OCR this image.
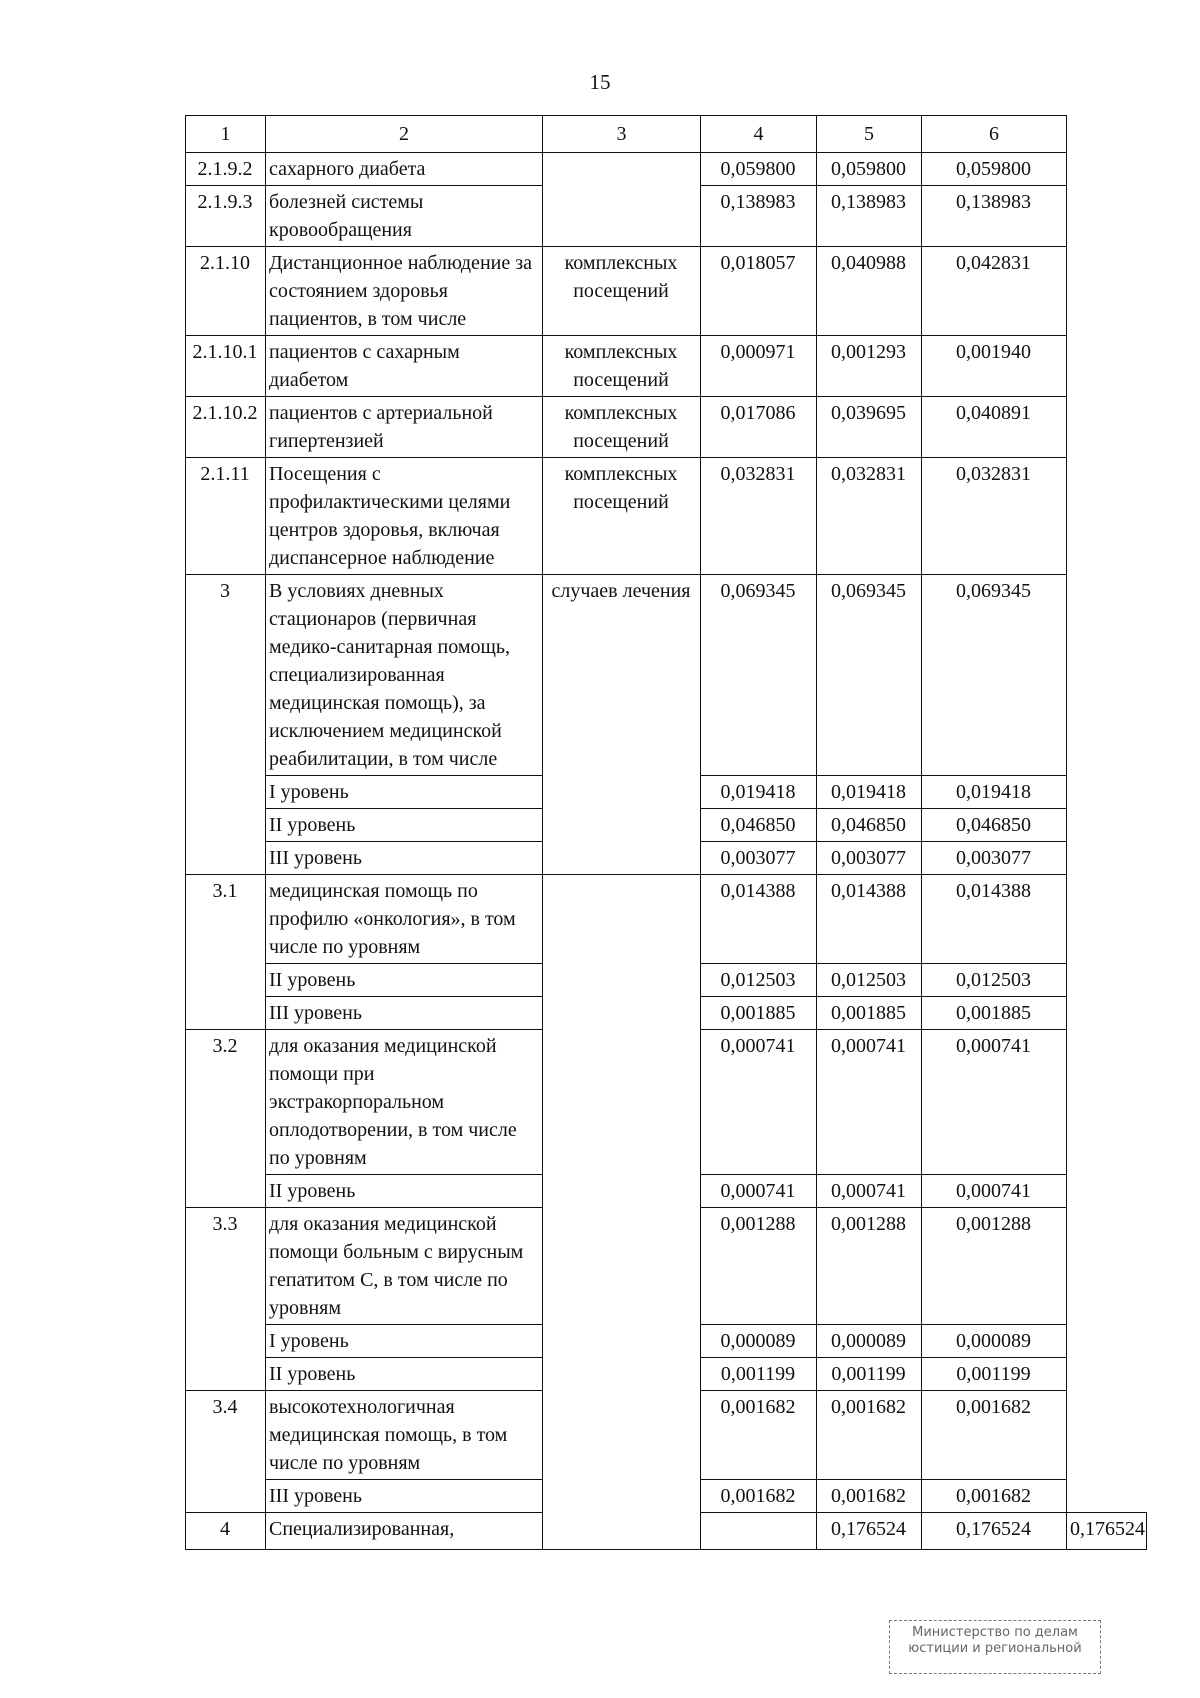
15
1	2	3	4	5	6	
2.1.9.2	сахарного диабета		0,059800	0,059800	0,059800	
2.1.9.3	болезней системы кровообращения		0,138983	0,138983	0,138983	
2.1.10	Дистанционное наблюдение за состоянием здоровья пациентов, в том числе	комплексных посещений	0,018057	0,040988	0,042831	
2.1.10.1	пациентов с сахарным диабетом	комплексных посещений	0,000971	0,001293	0,001940	
2.1.10.2	пациентов с артериальной гипертензией	комплексных посещений	0,017086	0,039695	0,040891	
2.1.11	Посещения с профилактическими целями центров здоровья, включая диспансерное наблюдение	комплексных посещений	0,032831	0,032831	0,032831	
3	В условиях дневных стационаров (первичная медико-санитарная помощь, специализированная медицинская помощь), за исключением медицинской реабилитации, в том числе	случаев лечения	0,069345	0,069345	0,069345	
	I уровень		0,019418	0,019418	0,019418	
	II уровень		0,046850	0,046850	0,046850	
	III уровень		0,003077	0,003077	0,003077	
3.1	медицинская помощь по профилю «онкология», в том числе по уровням		0,014388	0,014388	0,014388	
	II уровень		0,012503	0,012503	0,012503	
	III уровень		0,001885	0,001885	0,001885	
3.2	для оказания медицинской помощи при экстракорпоральном оплодотворении, в том числе по уровням		0,000741	0,000741	0,000741	
	II уровень		0,000741	0,000741	0,000741	
3.3	для оказания медицинской помощи больным с вирусным гепатитом С, в том числе по уровням		0,001288	0,001288	0,001288	
	I уровень		0,000089	0,000089	0,000089	
	II уровень		0,001199	0,001199	0,001199	
3.4	высокотехнологичная медицинская помощь, в том числе по уровням		0,001682	0,001682	0,001682	
	III уровень		0,001682	0,001682	0,001682	
4	Специализированная,			0,176524	0,176524	0,176524
Министерство по делам
юстиции и региональной
